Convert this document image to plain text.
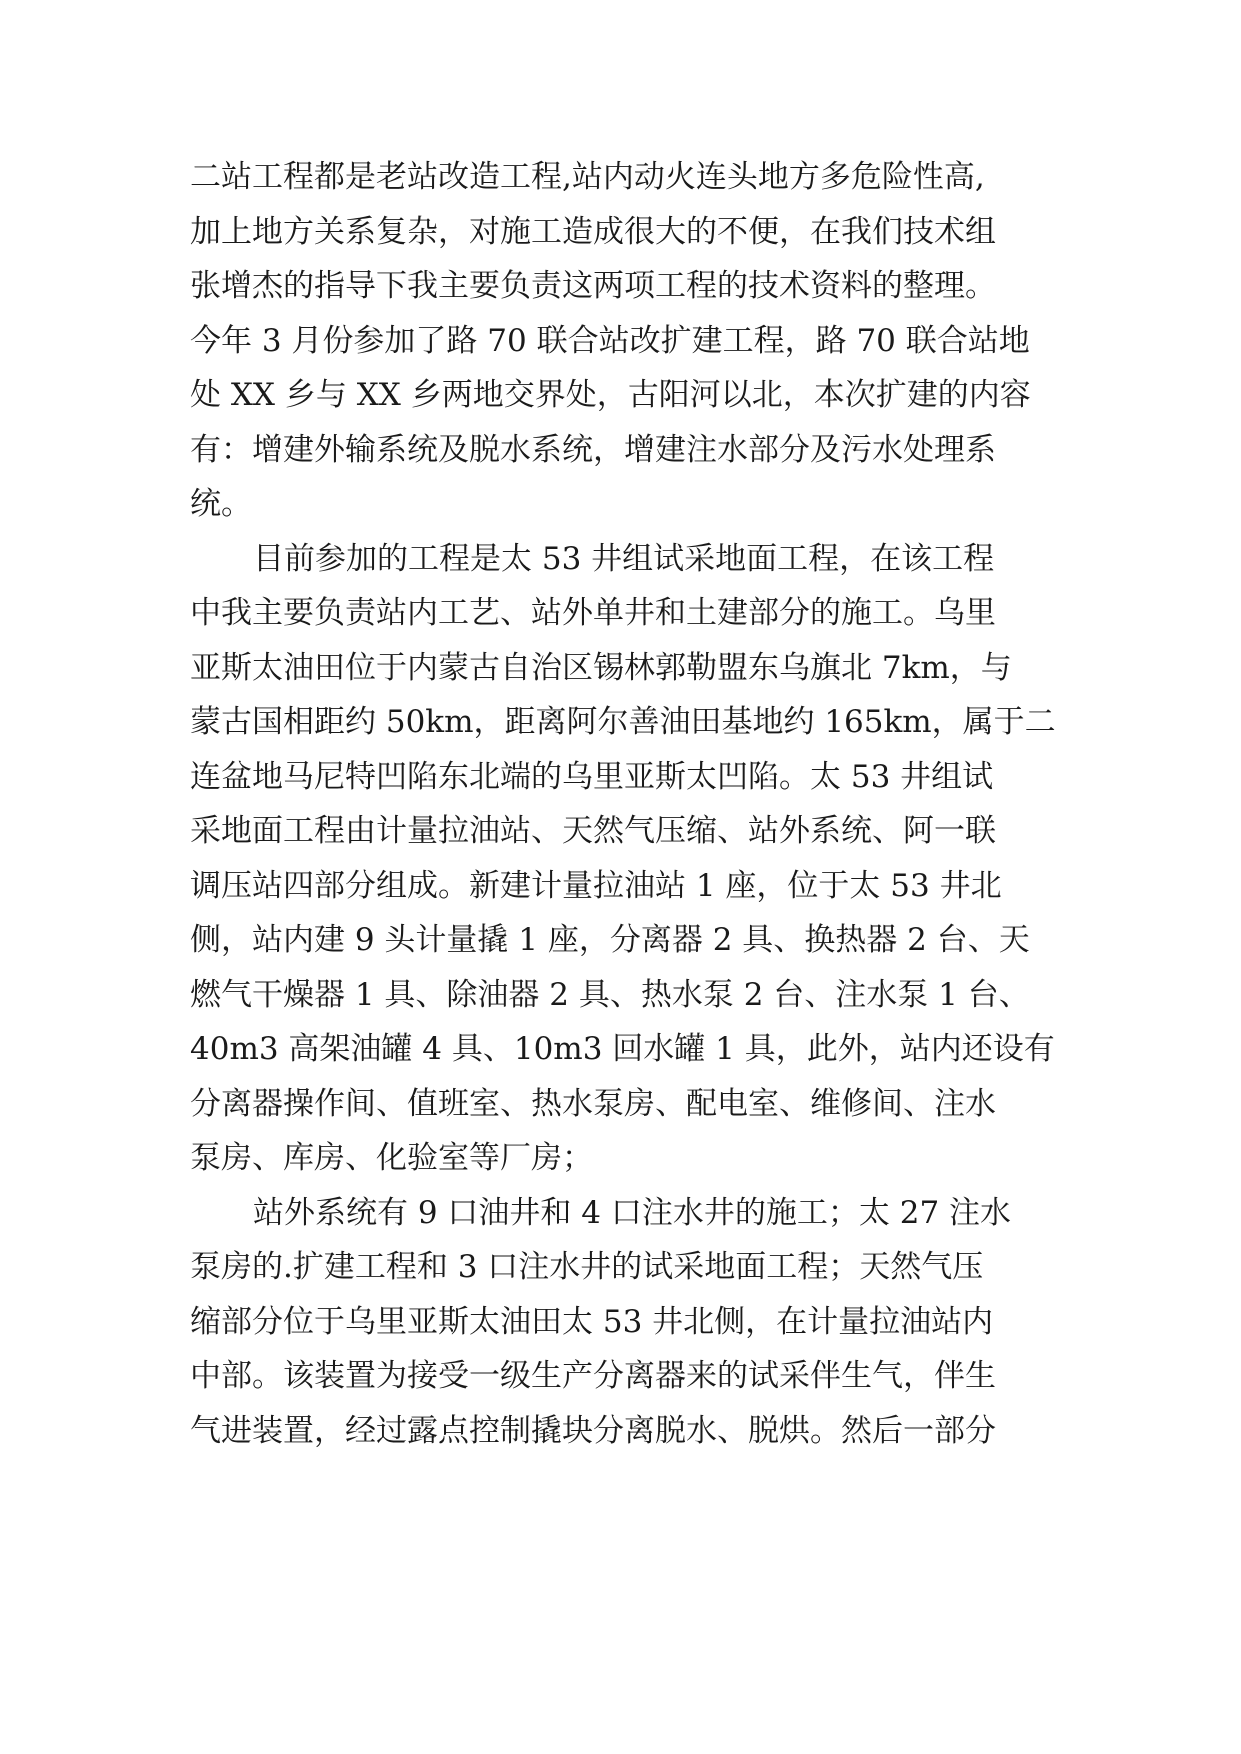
二站工程都是老站改造工程,站内动火连头地方多危险性高,
加上地方关系复杂，对施工造成很大的不便，在我们技术组
张增杰的指导下我主要负责这两项工程的技术资料的整理。
今年 3 月份参加了路 70 联合站改扩建工程，路 70 联合站地
处 XX 乡与 XX 乡两地交界处，古阳河以北，本次扩建的内容
有：增建外输系统及脱水系统，增建注水部分及污水处理系
统。
目前参加的工程是太 53 井组试采地面工程，在该工程
中我主要负责站内工艺、站外单井和土建部分的施工。乌里
亚斯太油田位于内蒙古自治区锡林郭勒盟东乌旗北 7km，与
蒙古国相距约 50km，距离阿尔善油田基地约 165km，属于二
连盆地马尼特凹陷东北端的乌里亚斯太凹陷。太 53 井组试
采地面工程由计量拉油站、天然气压缩、站外系统、阿一联
调压站四部分组成。新建计量拉油站 1 座，位于太 53 井北
侧，站内建 9 头计量撬 1 座，分离器 2 具、换热器 2 台、天
燃气干燥器 1 具、除油器 2 具、热水泵 2 台、注水泵 1 台、
40m3 高架油罐 4 具、10m3 回水罐 1 具，此外，站内还设有
分离器操作间、值班室、热水泵房、配电室、维修间、注水
泵房、库房、化验室等厂房；
站外系统有 9 口油井和 4 口注水井的施工；太 27 注水
泵房的.扩建工程和 3 口注水井的试采地面工程；天然气压
缩部分位于乌里亚斯太油田太 53 井北侧，在计量拉油站内
中部。该装置为接受一级生产分离器来的试采伴生气，伴生
气进装置，经过露点控制撬块分离脱水、脱烘。然后一部分
